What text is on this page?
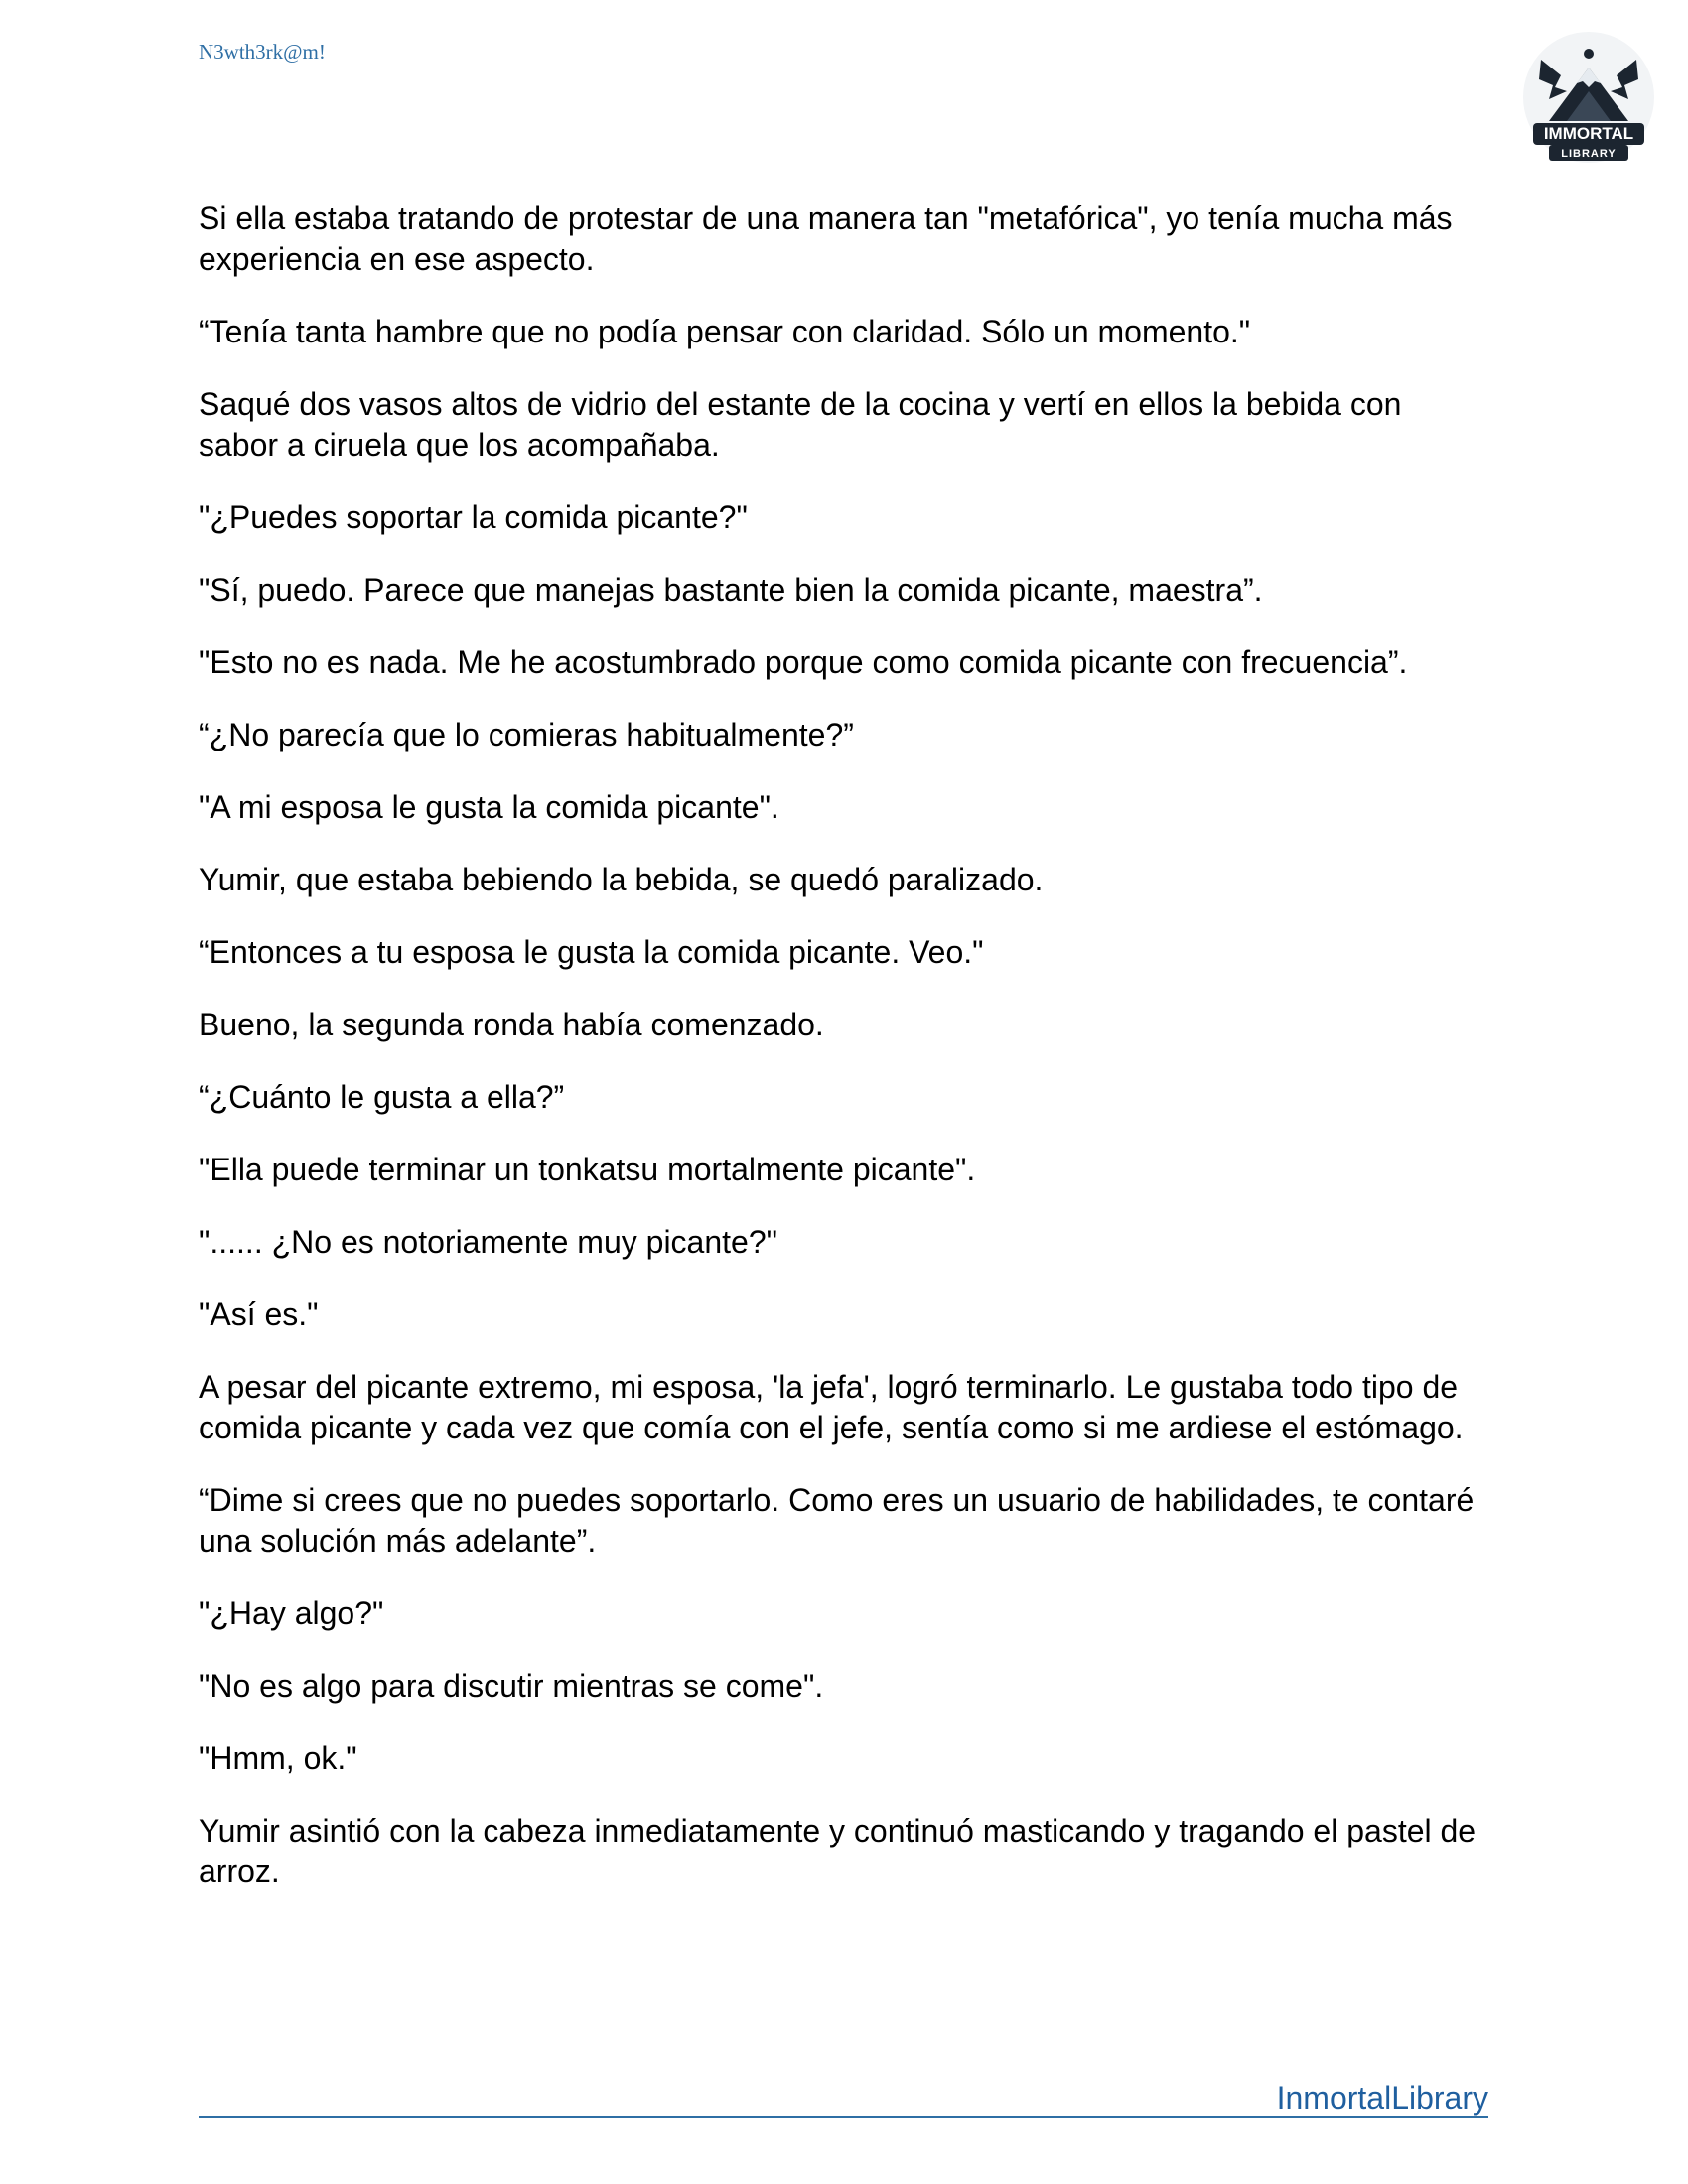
N3wth3rk@m!
IMMORTAL
LIBRARY

Si ella estaba tratando de protestar de una manera tan "metafórica", yo tenía mucha más experiencia en ese aspecto.

“Tenía tanta hambre que no podía pensar con claridad. Sólo un momento."

Saqué dos vasos altos de vidrio del estante de la cocina y vertí en ellos la bebida con sabor a ciruela que los acompañaba.

"¿Puedes soportar la comida picante?"

"Sí, puedo. Parece que manejas bastante bien la comida picante, maestra”.

"Esto no es nada. Me he acostumbrado porque como comida picante con frecuencia”.

“¿No parecía que lo comieras habitualmente?”

"A mi esposa le gusta la comida picante".

Yumir, que estaba bebiendo la bebida, se quedó paralizado.

“Entonces a tu esposa le gusta la comida picante. Veo."

Bueno, la segunda ronda había comenzado.

“¿Cuánto le gusta a ella?”

"Ella puede terminar un tonkatsu mortalmente picante".

"...... ¿No es notoriamente muy picante?"

"Así es."

A pesar del picante extremo, mi esposa, 'la jefa', logró terminarlo. Le gustaba todo tipo de comida picante y cada vez que comía con el jefe, sentía como si me ardiese el estómago.

“Dime si crees que no puedes soportarlo. Como eres un usuario de habilidades, te contaré una solución más adelante”.

"¿Hay algo?"

"No es algo para discutir mientras se come".

"Hmm, ok."

Yumir asintió con la cabeza inmediatamente y continuó masticando y tragando el pastel de arroz.

InmortalLibrary
